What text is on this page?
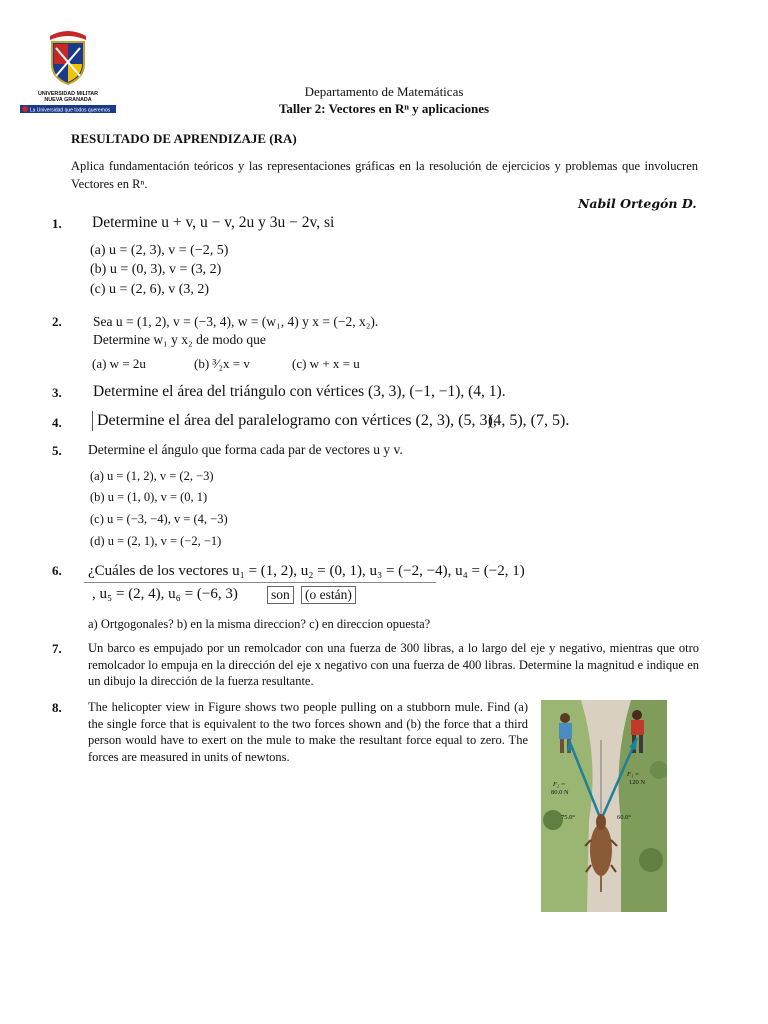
UNIVERSIDAD MILITAR
NUEVA GRANADA
La Universidad que todos queremos
Departamento de Matemáticas
Taller 2: Vectores en Rⁿ y aplicaciones
RESULTADO DE APRENDIZAJE (RA)
Aplica fundamentación teóricos y las representaciones gráficas en la resolución de ejercicios y problemas que involucren Vectores en Rⁿ.
Nabil Ortegón D.
1. Determine u + v, u − v, 2u y 3u − 2v, si
(a) u = (2, 3), v = (−2, 5)
(b) u = (0, 3), v = (3, 2)
(c) u = (2, 6), v (3, 2)
2. Sea u = (1, 2), v = (−3, 4), w = (w₁, 4) y x = (−2, x₂).
Determine w₁ y x₂ de modo que
(a) w = 2u	(b) ³⁄₂x = v	(c) w + x = u
3. Determine el área del triángulo con vértices (3, 3), (−1, −1), (4, 1).
4. Determine el área del paralelogramo con vértices (2, 3), (5, 3),
(4, 5), (7, 5).
5. Determine el ángulo que forma cada par de vectores u y v.
(a) u = (1, 2), v = (2, −3)
(b) u = (1, 0), v = (0, 1)
(c) u = (−3, −4), v = (4, −3)
(d) u = (2, 1), v = (−2, −1)
6. ¿Cuáles de los vectores u₁ = (1, 2), u₂ = (0, 1), u₃ = (−2, −4), u₄ = (−2, 1)
, u₅ = (2, 4), u₆ = (−6, 3) son (o están)
a) Ortgogonales? b) en la misma direccion? c) en direccion opuesta?
7. Un barco es empujado por un remolcador con una fuerza de 300 libras, a lo largo del eje y negativo, mientras que otro remolcador lo empuja en la dirección del eje x negativo con una fuerza de 400 libras. Determine la magnitud e indique en un dibujo la dirección de la fuerza resultante.
8. The helicopter view in Figure shows two people pulling on a stubborn mule. Find (a) the single force that is equivalent to the two forces shown and (b) the force that a third person would have to exert on the mule to make the resultant force equal to zero. The forces are measured in units of newtons.
F₂ =
80.0 N
F₁ =
120 N
75.0°	60.0°
